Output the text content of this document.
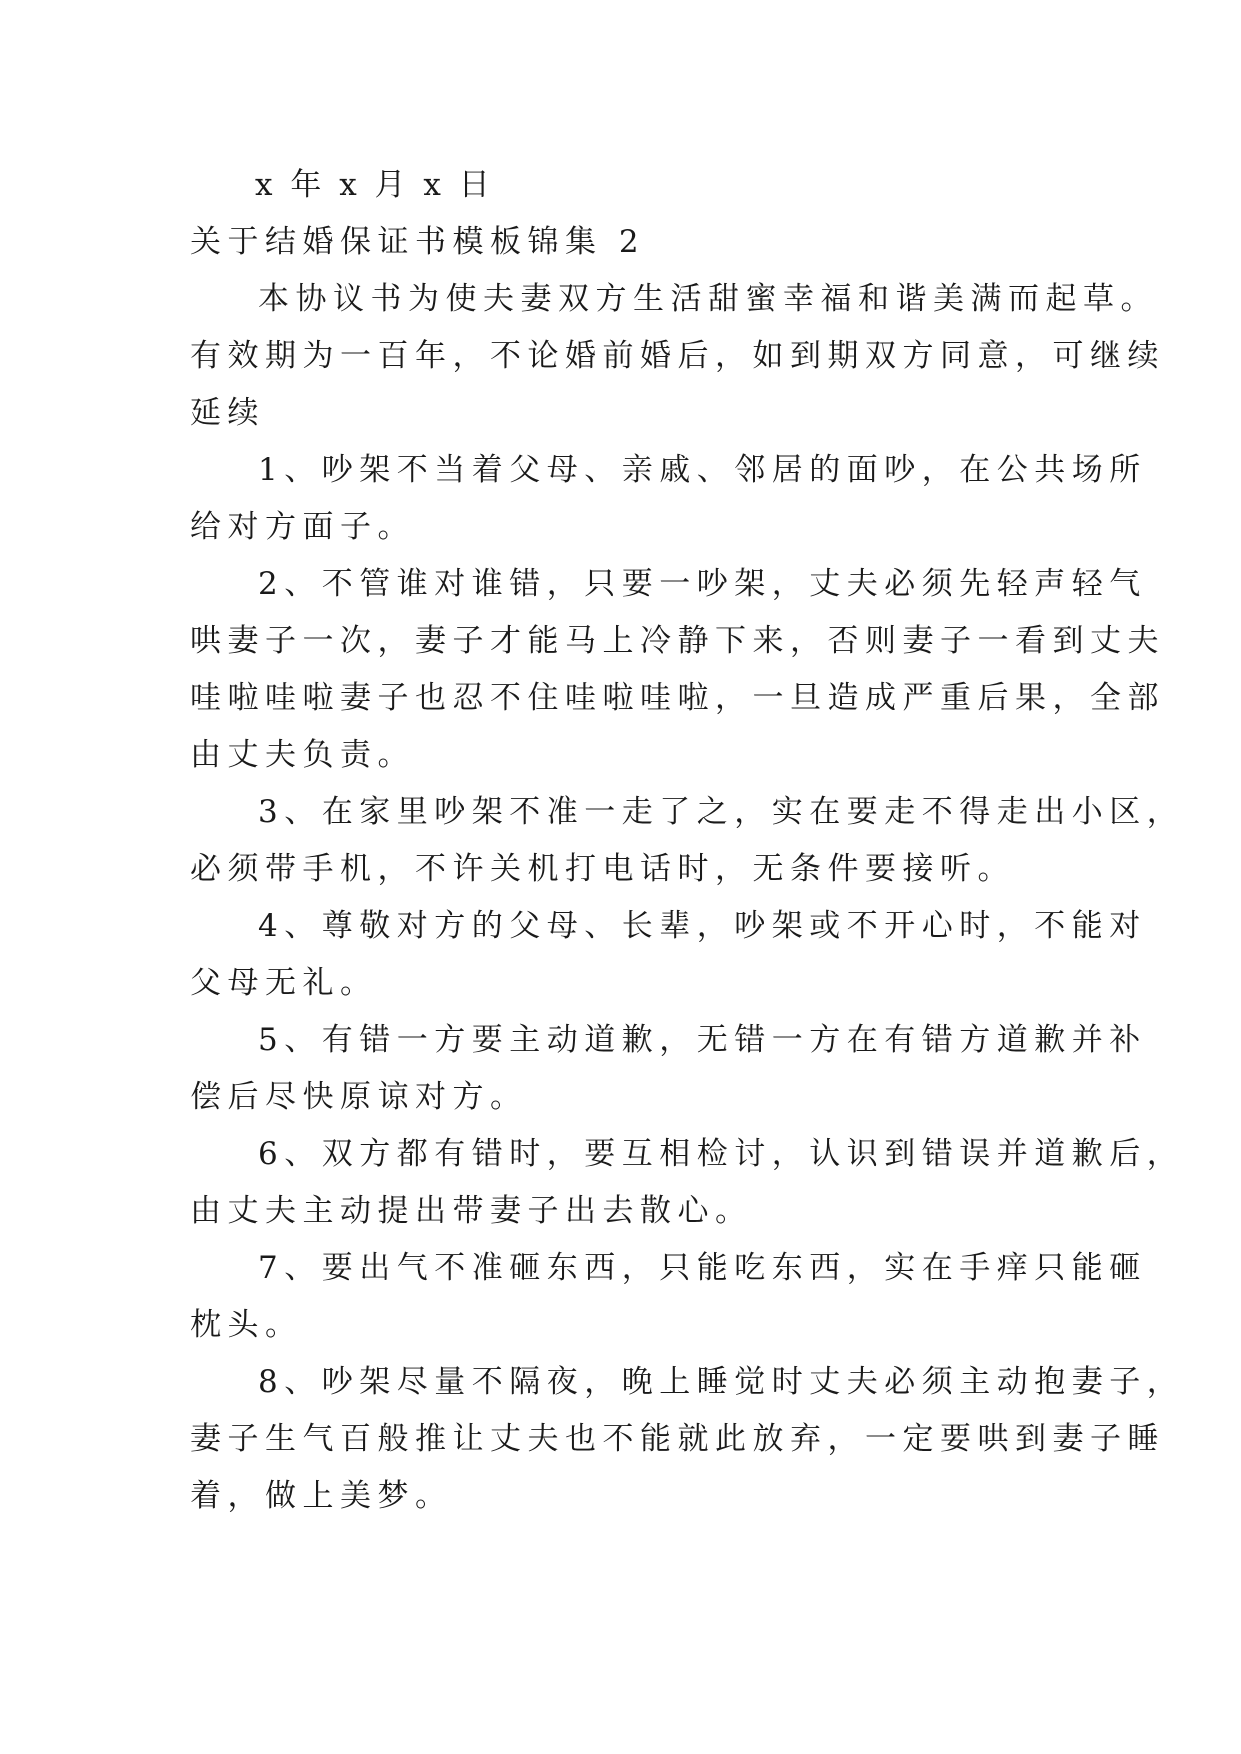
x 年 x 月 x 日
关于结婚保证书模板锦集 2
本协议书为使夫妻双方生活甜蜜幸福和谐美满而起草。
有效期为一百年，不论婚前婚后，如到期双方同意，可继续
延续
1、吵架不当着父母、亲戚、邻居的面吵，在公共场所
给对方面子。
2、不管谁对谁错，只要一吵架，丈夫必须先轻声轻气
哄妻子一次，妻子才能马上冷静下来，否则妻子一看到丈夫
哇啦哇啦妻子也忍不住哇啦哇啦，一旦造成严重后果，全部
由丈夫负责。
3、在家里吵架不准一走了之，实在要走不得走出小区，
必须带手机，不许关机打电话时，无条件要接听。
4、尊敬对方的父母、长辈，吵架或不开心时，不能对
父母无礼。
5、有错一方要主动道歉，无错一方在有错方道歉并补
偿后尽快原谅对方。
6、双方都有错时，要互相检讨，认识到错误并道歉后，
由丈夫主动提出带妻子出去散心。
7、要出气不准砸东西，只能吃东西，实在手痒只能砸
枕头。
8、吵架尽量不隔夜，晚上睡觉时丈夫必须主动抱妻子，
妻子生气百般推让丈夫也不能就此放弃，一定要哄到妻子睡
着，做上美梦。
